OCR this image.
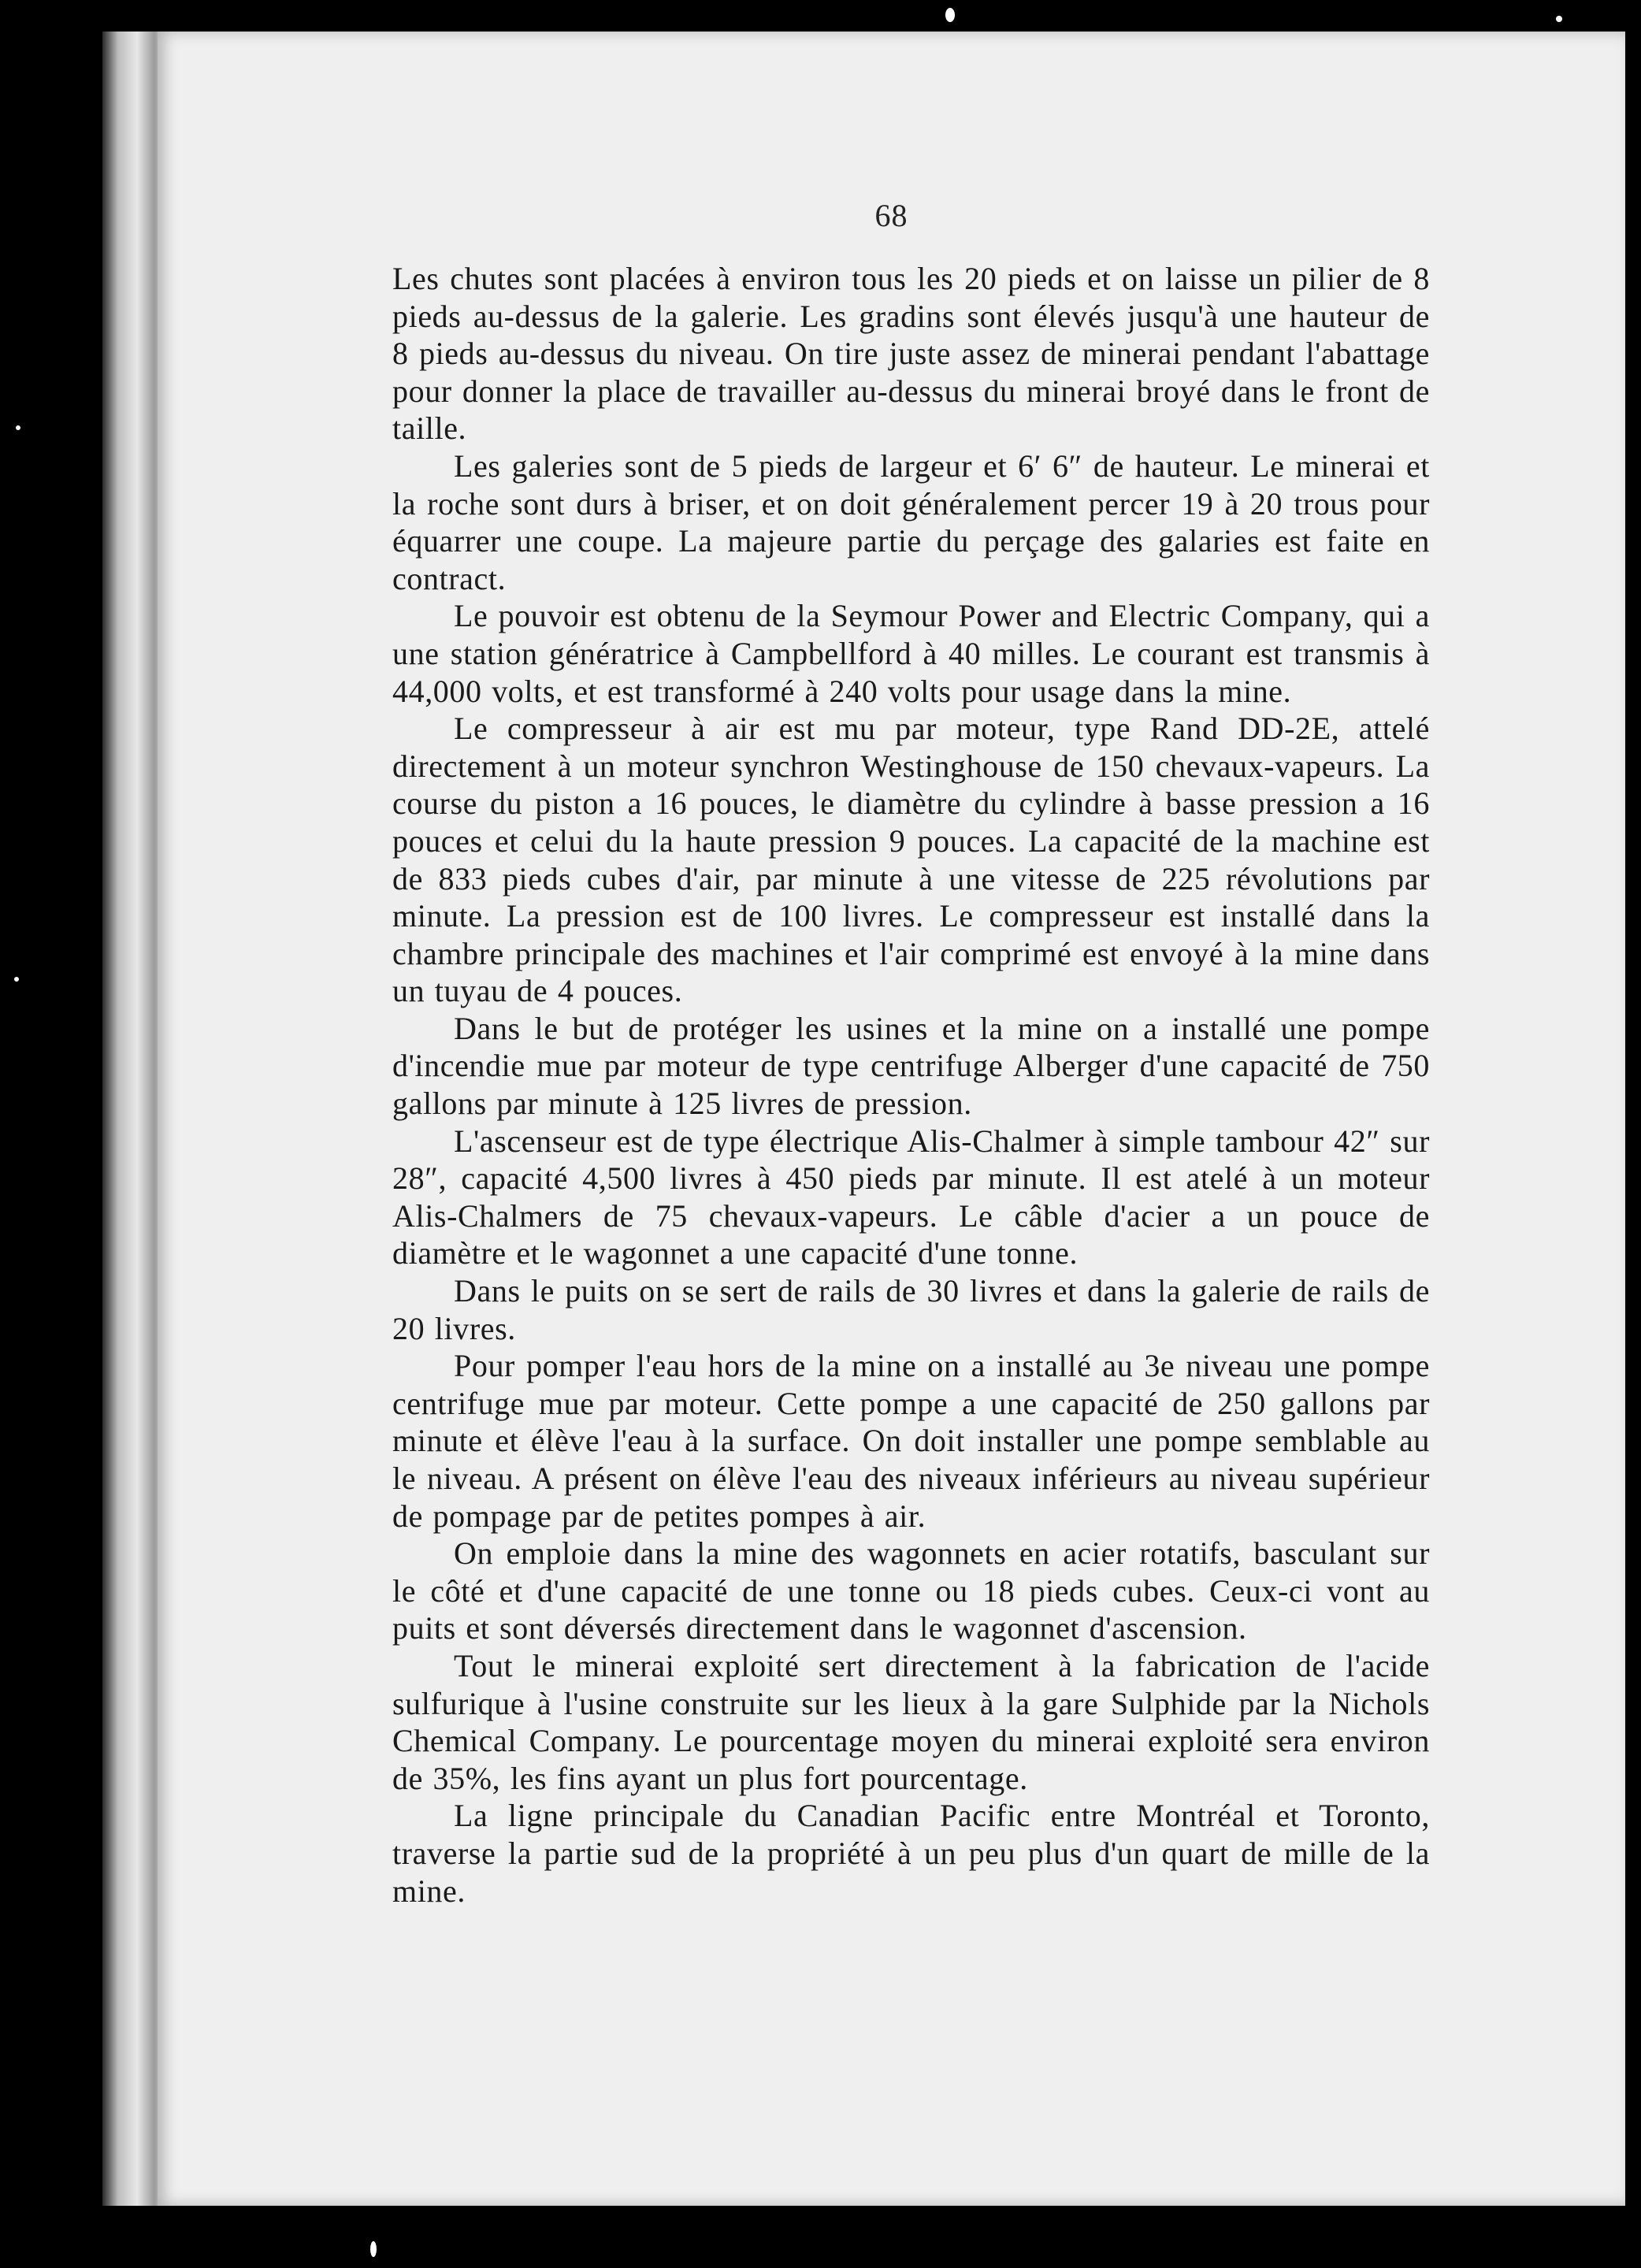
68

Les chutes sont placées à environ tous les 20 pieds et on laisse un pilier de 8 pieds au-dessus de la galerie. Les gradins sont élevés jusqu'à une hauteur de 8 pieds au-dessus du niveau. On tire juste assez de minerai pendant l'abattage pour donner la place de travailler au-dessus du minerai broyé dans le front de taille.

Les galeries sont de 5 pieds de largeur et 6′ 6″ de hauteur. Le minerai et la roche sont durs à briser, et on doit généralement percer 19 à 20 trous pour équarrer une coupe. La majeure partie du perçage des galaries est faite en contract.

Le pouvoir est obtenu de la Seymour Power and Electric Company, qui a une station génératrice à Campbellford à 40 milles. Le courant est transmis à 44,000 volts, et est transformé à 240 volts pour usage dans la mine.

Le compresseur à air est mu par moteur, type Rand DD-2E, attelé directement à un moteur synchron Westinghouse de 150 chevaux-vapeurs. La course du piston a 16 pouces, le diamètre du cylindre à basse pression a 16 pouces et celui du la haute pression 9 pouces. La capacité de la machine est de 833 pieds cubes d'air, par minute à une vitesse de 225 révolutions par minute. La pression est de 100 livres. Le compresseur est installé dans la chambre principale des machines et l'air comprimé est envoyé à la mine dans un tuyau de 4 pouces.

Dans le but de protéger les usines et la mine on a installé une pompe d'incendie mue par moteur de type centrifuge Alberger d'une capacité de 750 gallons par minute à 125 livres de pression.

L'ascenseur est de type électrique Alis-Chalmer à simple tambour 42″ sur 28″, capacité 4,500 livres à 450 pieds par minute. Il est atelé à un moteur Alis-Chalmers de 75 chevaux-vapeurs. Le câble d'acier a un pouce de diamètre et le wagonnet a une capacité d'une tonne.

Dans le puits on se sert de rails de 30 livres et dans la galerie de rails de 20 livres.

Pour pomper l'eau hors de la mine on a installé au 3e niveau une pompe centrifuge mue par moteur. Cette pompe a une capacité de 250 gallons par minute et élève l'eau à la surface. On doit installer une pompe semblable au le niveau. A présent on élève l'eau des niveaux inférieurs au niveau supérieur de pompage par de petites pompes à air.

On emploie dans la mine des wagonnets en acier rotatifs, basculant sur le côté et d'une capacité de une tonne ou 18 pieds cubes. Ceux-ci vont au puits et sont déversés directement dans le wagonnet d'ascension.

Tout le minerai exploité sert directement à la fabrication de l'acide sulfurique à l'usine construite sur les lieux à la gare Sulphide par la Nichols Chemical Company. Le pourcentage moyen du minerai exploité sera environ de 35%, les fins ayant un plus fort pourcentage.

La ligne principale du Canadian Pacific entre Montréal et Toronto, traverse la partie sud de la propriété à un peu plus d'un quart de mille de la mine.
